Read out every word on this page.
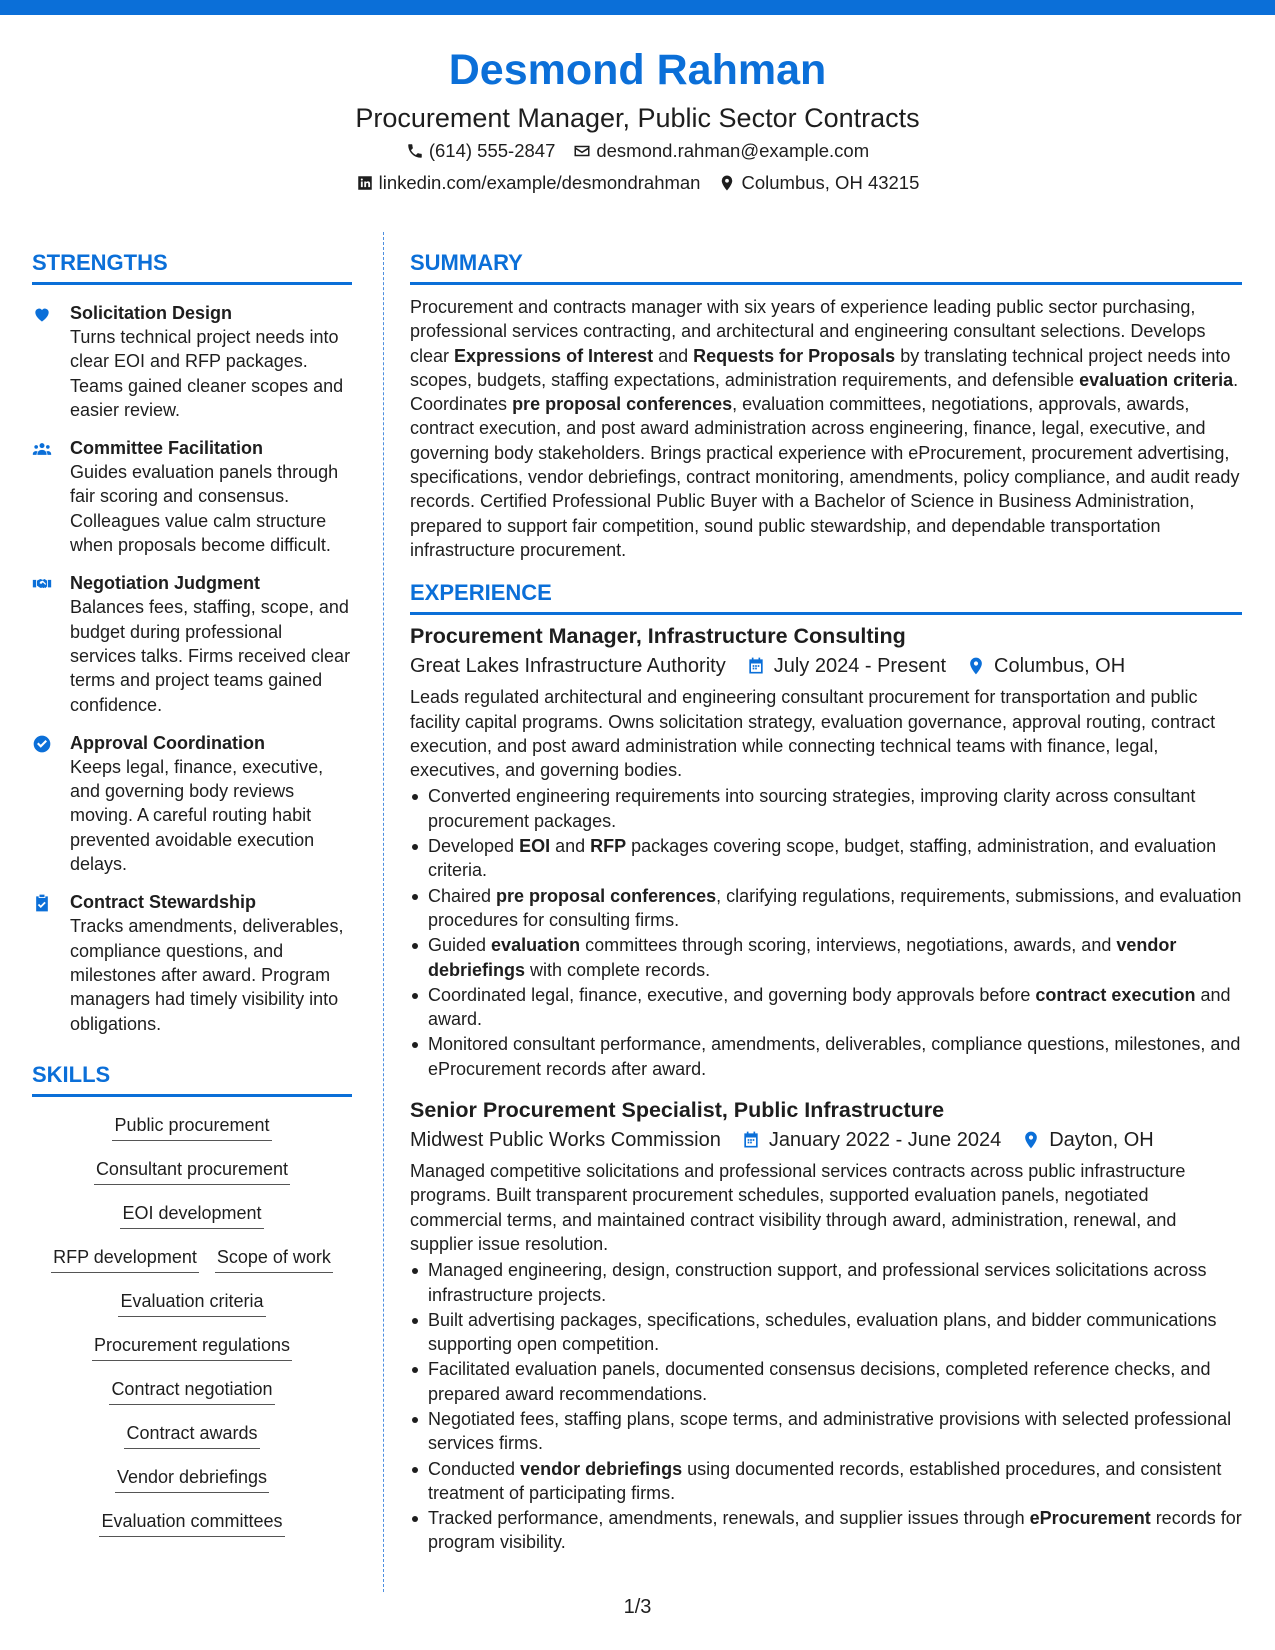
Desmond Rahman
Procurement Manager, Public Sector Contracts
(614) 555-2847 desmond.rahman@example.com
linkedin.com/example/desmondrahman Columbus, OH 43215
STRENGTHS
Solicitation Design
Turns technical project needs into clear EOI and RFP packages. Teams gained cleaner scopes and easier review.
Committee Facilitation
Guides evaluation panels through fair scoring and consensus. Colleagues value calm structure when proposals become difficult.
Negotiation Judgment
Balances fees, staffing, scope, and budget during professional services talks. Firms received clear terms and project teams gained confidence.
Approval Coordination
Keeps legal, finance, executive, and governing body reviews moving. A careful routing habit prevented avoidable execution delays.
Contract Stewardship
Tracks amendments, deliverables, compliance questions, and milestones after award. Program managers had timely visibility into obligations.
SKILLS
Public procurement
Consultant procurement
EOI development
RFP development Scope of work
Evaluation criteria
Procurement regulations
Contract negotiation
Contract awards
Vendor debriefings
Evaluation committees
SUMMARY
Procurement and contracts manager with six years of experience leading public sector purchasing, professional services contracting, and architectural and engineering consultant selections. Develops clear Expressions of Interest and Requests for Proposals by translating technical project needs into scopes, budgets, staffing expectations, administration requirements, and defensible evaluation criteria. Coordinates pre proposal conferences, evaluation committees, negotiations, approvals, awards, contract execution, and post award administration across engineering, finance, legal, executive, and governing body stakeholders. Brings practical experience with eProcurement, procurement advertising, specifications, vendor debriefings, contract monitoring, amendments, policy compliance, and audit ready records. Certified Professional Public Buyer with a Bachelor of Science in Business Administration, prepared to support fair competition, sound public stewardship, and dependable transportation infrastructure procurement.
EXPERIENCE
Procurement Manager, Infrastructure Consulting
Great Lakes Infrastructure Authority July 2024 - Present Columbus, OH
Leads regulated architectural and engineering consultant procurement for transportation and public facility capital programs. Owns solicitation strategy, evaluation governance, approval routing, contract execution, and post award administration while connecting technical teams with finance, legal, executives, and governing bodies.
Converted engineering requirements into sourcing strategies, improving clarity across consultant procurement packages.
Developed EOI and RFP packages covering scope, budget, staffing, administration, and evaluation criteria.
Chaired pre proposal conferences, clarifying regulations, requirements, submissions, and evaluation procedures for consulting firms.
Guided evaluation committees through scoring, interviews, negotiations, awards, and vendor debriefings with complete records.
Coordinated legal, finance, executive, and governing body approvals before contract execution and award.
Monitored consultant performance, amendments, deliverables, compliance questions, milestones, and eProcurement records after award.
Senior Procurement Specialist, Public Infrastructure
Midwest Public Works Commission January 2022 - June 2024 Dayton, OH
Managed competitive solicitations and professional services contracts across public infrastructure programs. Built transparent procurement schedules, supported evaluation panels, negotiated commercial terms, and maintained contract visibility through award, administration, renewal, and supplier issue resolution.
Managed engineering, design, construction support, and professional services solicitations across infrastructure projects.
Built advertising packages, specifications, schedules, evaluation plans, and bidder communications supporting open competition.
Facilitated evaluation panels, documented consensus decisions, completed reference checks, and prepared award recommendations.
Negotiated fees, staffing plans, scope terms, and administrative provisions with selected professional services firms.
Conducted vendor debriefings using documented records, established procedures, and consistent treatment of participating firms.
Tracked performance, amendments, renewals, and supplier issues through eProcurement records for program visibility.
1/3
